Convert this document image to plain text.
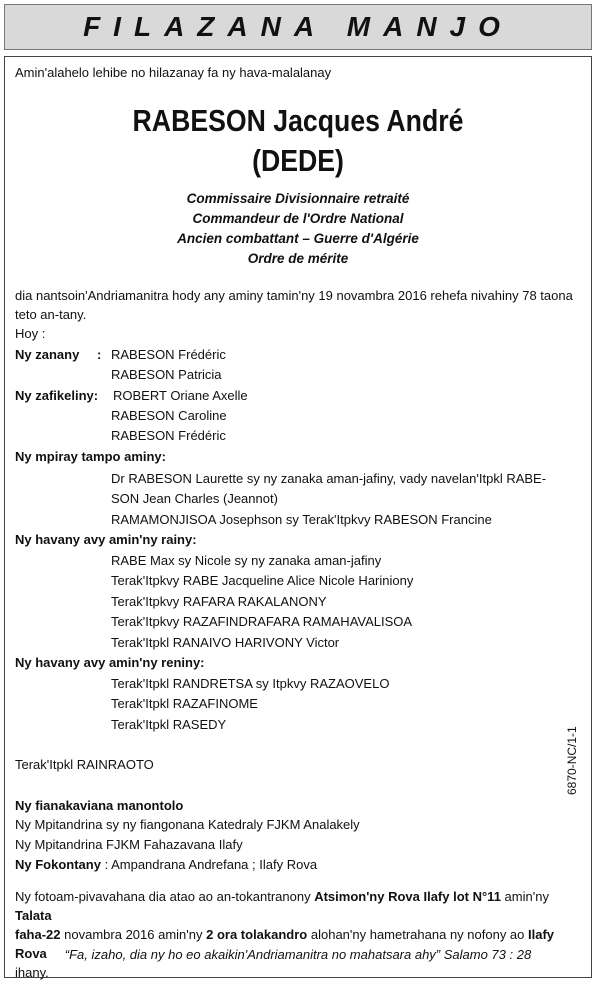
FILAZANA MANJO
Amin'alahelo lehibe no hilazanay fa ny hava-malalanay
RABESON Jacques André
(DEDE)
Commissaire Divisionnaire retraité
Commandeur de l'Ordre National
Ancien combattant – Guerre d'Algérie
Ordre de mérite
dia nantsoin'Andriamanitra hody any aminy tamin'ny 19 novambra 2016 rehefa nivahiny 78 taona
teto an-tany.
Hoy :
Ny zanany : RABESON Frédéric
RABESON Patricia
Ny zafikeliny: ROBERT Oriane Axelle
RABESON Caroline
RABESON Frédéric
Ny mpiray tampo aminy:
Dr RABESON Laurette sy ny zanaka aman-jafiny, vady navelan'Itpkl RABE-
SON Jean Charles (Jeannot)
RAMAMONJISOA Josephson sy Terak'Itpkvy RABESON Francine
Ny havany avy amin'ny rainy:
RABE Max sy Nicole sy ny zanaka aman-jafiny
Terak'Itpkvy RABE Jacqueline Alice Nicole Hariniony
Terak'Itpkvy RAFARA RAKALANONY
Terak'Itpkvy RAZAFINDRAFARA RAMAHAVALISOA
Terak'Itpkl RANAIVO HARIVONY Victor
Ny havany avy amin'ny reniny:
Terak'Itpkl RANDRETSA sy Itpkvy RAZAOVELO
Terak'Itpkl RAZAFINOME
Terak'Itpkl RASEDY
Terak'Itpkl RAINRAOTO	6870-NC/1-1
Ny fianakaviana manontolo
Ny Mpitandrina sy ny fiangonana Katedraly FJKM Analakely
Ny Mpitandrina FJKM Fahazavana Ilafy
Ny Fokontany : Ampandrana Andrefana ; Ilafy Rova
Ny fotoam-pivavahana dia atao ao an-tokantranony Atsimon'ny Rova Ilafy lot N°11 amin'ny Talata
faha-22 novambra 2016 amin'ny 2 ora tolakandro alohan'ny hametrahana ny nofony ao Ilafy Rova
ihany.
“Fa, izaho, dia ny ho eo akaikin'Andriamanitra no mahatsara ahy” Salamo 73 : 28
